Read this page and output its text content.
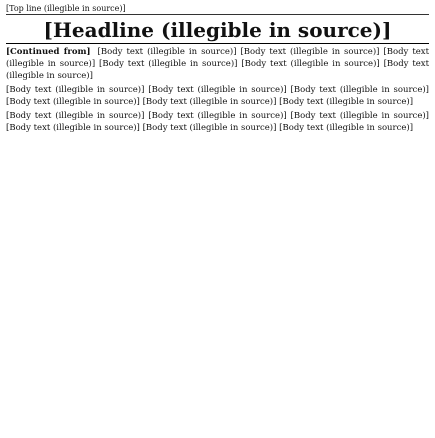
[Top line (illegible in source)]
[Headline (illegible in source)]

[Continued from] [Body text (illegible in source)] [Body text (illegible in source)] [Body text (illegible in source)] [Body text (illegible in source)] [Body text (illegible in source)] [Body text (illegible in source)]

[Body text (illegible in source)] [Body text (illegible in source)] [Body text (illegible in source)] [Body text (illegible in source)] [Body text (illegible in source)] [Body text (illegible in source)]

[Body text (illegible in source)] [Body text (illegible in source)] [Body text (illegible in source)] [Body text (illegible in source)] [Body text (illegible in source)] [Body text (illegible in source)]
